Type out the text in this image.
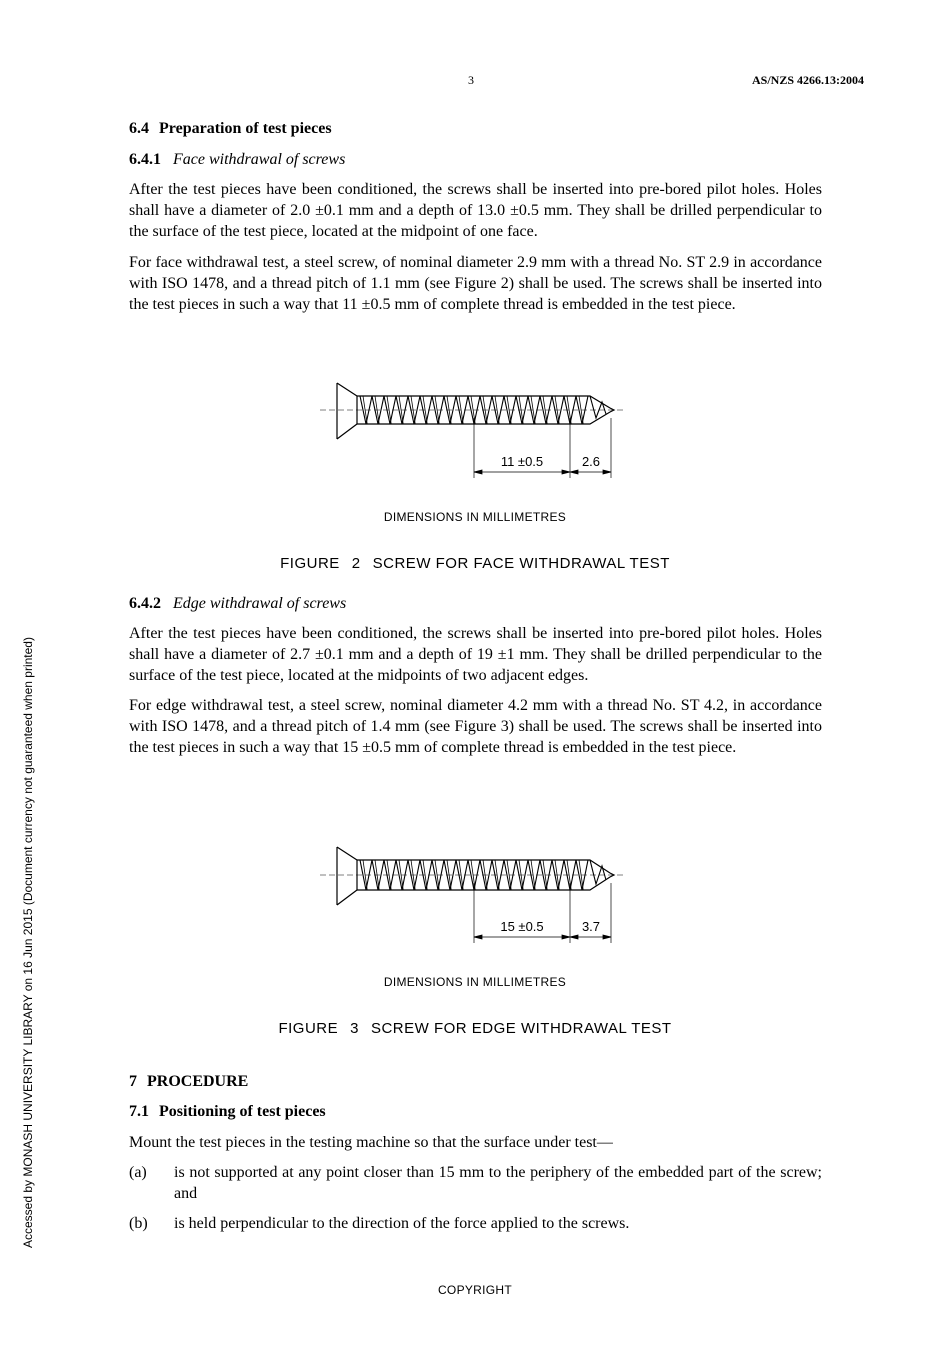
3	AS/NZS 4266.13:2004

6.4 Preparation of test pieces

6.4.1 Face withdrawal of screws

After the test pieces have been conditioned, the screws shall be inserted into pre-bored pilot holes. Holes shall have a diameter of 2.0 ±0.1 mm and a depth of 13.0 ±0.5 mm. They shall be drilled perpendicular to the surface of the test piece, located at the midpoint of one face.

For face withdrawal test, a steel screw, of nominal diameter 2.9 mm with a thread No. ST 2.9 in accordance with ISO 1478, and a thread pitch of 1.1 mm (see Figure 2) shall be used. The screws shall be inserted into the test pieces in such a way that 11 ±0.5 mm of complete thread is embedded in the test piece.

11 ±0.5	2.6
DIMENSIONS IN MILLIMETRES
FIGURE 2 SCREW FOR FACE WITHDRAWAL TEST

6.4.2 Edge withdrawal of screws

After the test pieces have been conditioned, the screws shall be inserted into pre-bored pilot holes. Holes shall have a diameter of 2.7 ±0.1 mm and a depth of 19 ±1 mm. They shall be drilled perpendicular to the surface of the test piece, located at the midpoints of two adjacent edges.

For edge withdrawal test, a steel screw, nominal diameter 4.2 mm with a thread No. ST 4.2, in accordance with ISO 1478, and a thread pitch of 1.4 mm (see Figure 3) shall be used. The screws shall be inserted into the test pieces in such a way that 15 ±0.5 mm of complete thread is embedded in the test piece.

15 ±0.5	3.7
DIMENSIONS IN MILLIMETRES
FIGURE 3 SCREW FOR EDGE WITHDRAWAL TEST

7 PROCEDURE

7.1 Positioning of test pieces

Mount the test pieces in the testing machine so that the surface under test—

(a) is not supported at any point closer than 15 mm to the periphery of the embedded part of the screw; and
(b) is held perpendicular to the direction of the force applied to the screws.
Accessed by MONASH UNIVERSITY LIBRARY on 16 Jun 2015 (Document currency not guaranteed when printed)
COPYRIGHT
